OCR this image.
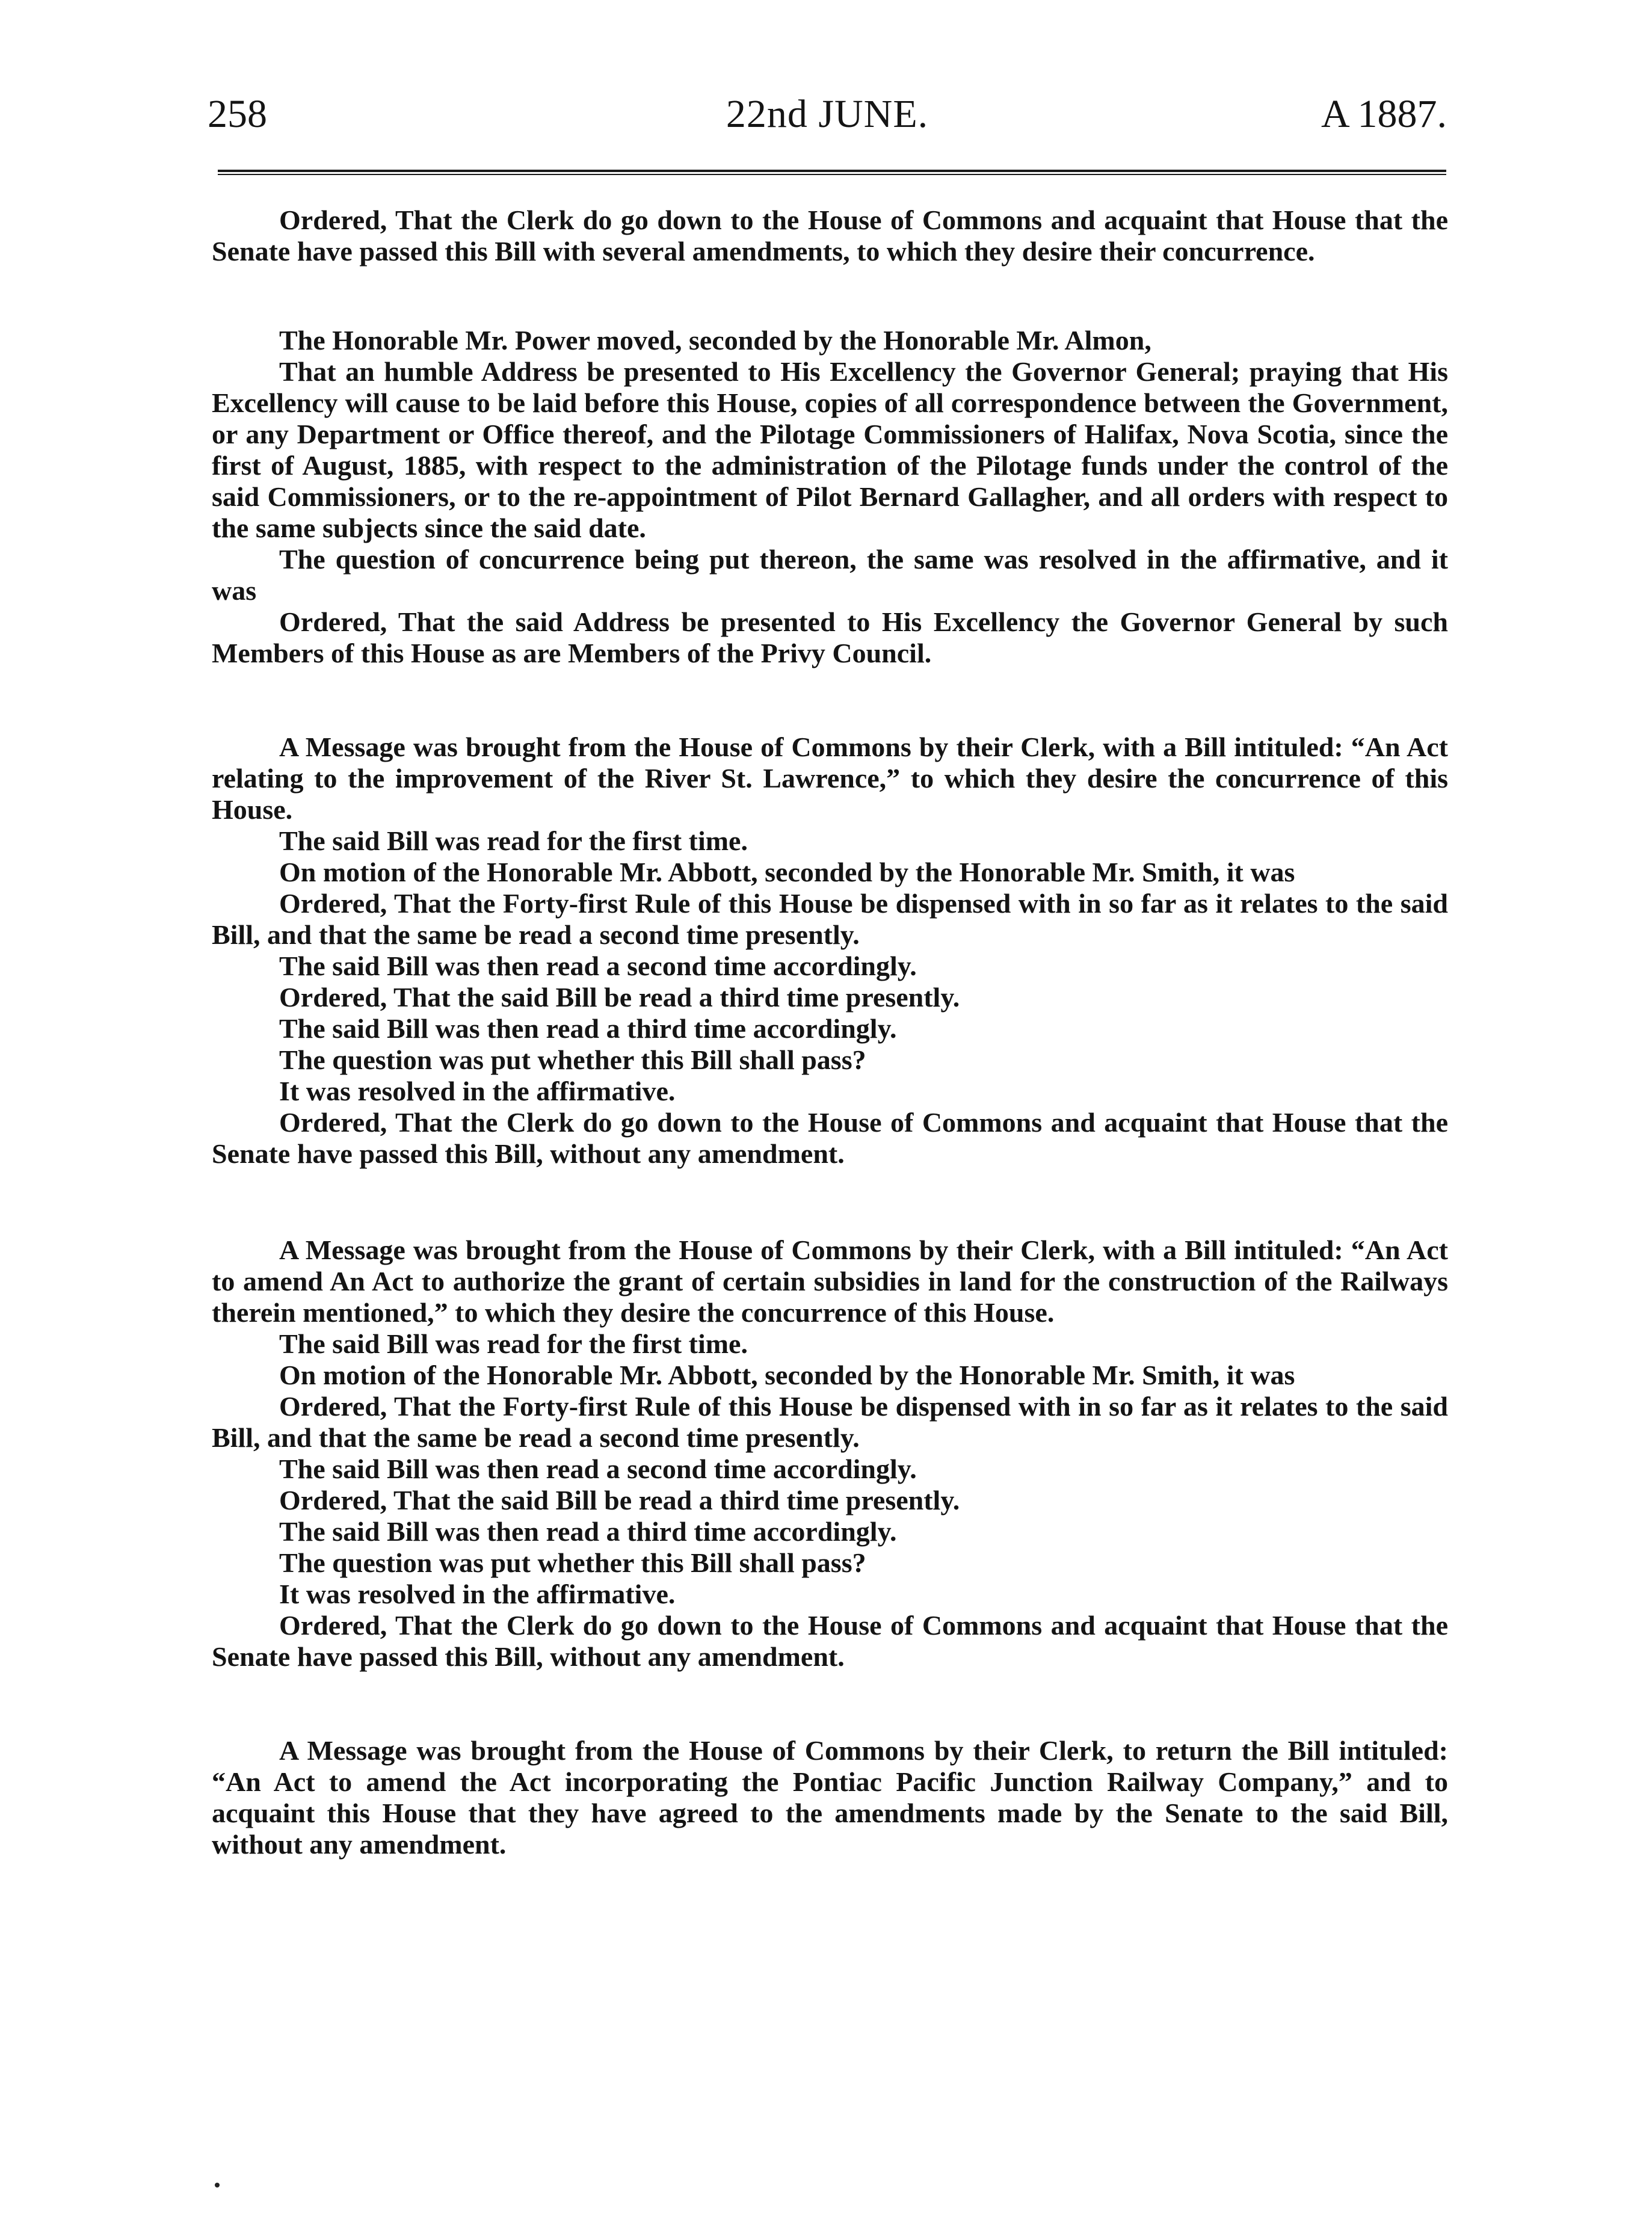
258	22nd JUNE.	A 1887.

Ordered, That the Clerk do go down to the House of Commons and acquaint that House that the Senate have passed this Bill with several amendments, to which they desire their concurrence.

The Honorable Mr. Power moved, seconded by the Honorable Mr. Almon,

That an humble Address be presented to His Excellency the Governor General; praying that His Excellency will cause to be laid before this House, copies of all correspondence between the Government, or any Department or Office thereof, and the Pilotage Commissioners of Halifax, Nova Scotia, since the first of August, 1885, with respect to the administration of the Pilotage funds under the control of the said Commissioners, or to the re-appointment of Pilot Bernard Gallagher, and all orders with respect to the same subjects since the said date.

The question of concurrence being put thereon, the same was resolved in the affirmative, and it was

Ordered, That the said Address be presented to His Excellency the Governor General by such Members of this House as are Members of the Privy Council.

A Message was brought from the House of Commons by their Clerk, with a Bill intituled: “An Act relating to the improvement of the River St. Lawrence,” to which they desire the concurrence of this House.

The said Bill was read for the first time.

On motion of the Honorable Mr. Abbott, seconded by the Honorable Mr. Smith, it was

Ordered, That the Forty-first Rule of this House be dispensed with in so far as it relates to the said Bill, and that the same be read a second time presently.

The said Bill was then read a second time accordingly.

Ordered, That the said Bill be read a third time presently.

The said Bill was then read a third time accordingly.

The question was put whether this Bill shall pass?

It was resolved in the affirmative.

Ordered, That the Clerk do go down to the House of Commons and acquaint that House that the Senate have passed this Bill, without any amendment.

A Message was brought from the House of Commons by their Clerk, with a Bill intituled: “An Act to amend An Act to authorize the grant of certain subsidies in land for the construction of the Railways therein mentioned,” to which they desire the concurrence of this House.

The said Bill was read for the first time.

On motion of the Honorable Mr. Abbott, seconded by the Honorable Mr. Smith, it was

Ordered, That the Forty-first Rule of this House be dispensed with in so far as it relates to the said Bill, and that the same be read a second time presently.

The said Bill was then read a second time accordingly.

Ordered, That the said Bill be read a third time presently.

The said Bill was then read a third time accordingly.

The question was put whether this Bill shall pass?

It was resolved in the affirmative.

Ordered, That the Clerk do go down to the House of Commons and acquaint that House that the Senate have passed this Bill, without any amendment.

A Message was brought from the House of Commons by their Clerk, to return the Bill intituled: “An Act to amend the Act incorporating the Pontiac Pacific Junction Railway Company,” and to acquaint this House that they have agreed to the amendments made by the Senate to the said Bill, without any amendment.
